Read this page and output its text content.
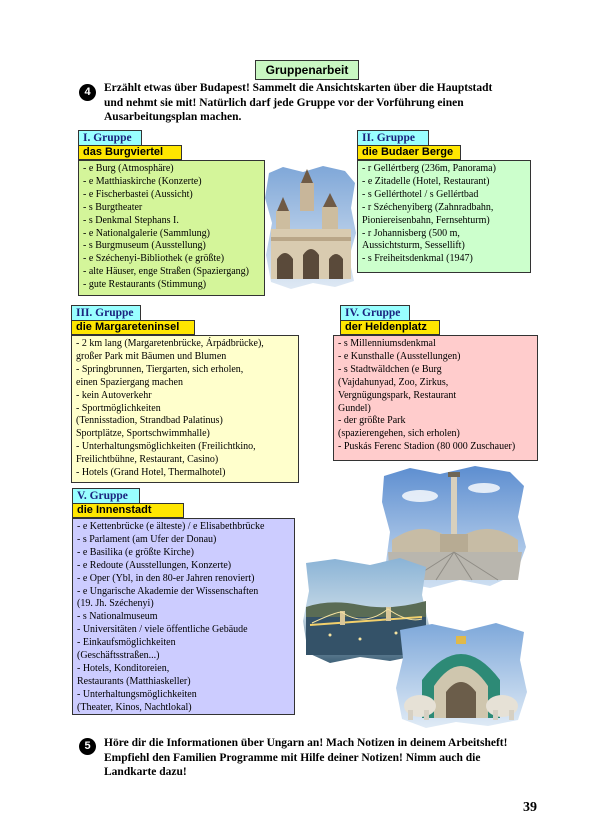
Gruppenarbeit
4	Erzählt etwas über Budapest! Sammelt die Ansichtskarten über die Hauptstadt
und nehmt sie mit! Natürlich darf jede Gruppe vor der Vorführung einen
Ausarbeitungsplan machen.
I. Gruppe
das Burgviertel
- e Burg (Atmosphäre)
- e Matthiaskirche (Konzerte)
- e Fischerbastei (Aussicht)
- s Burgtheater
- s Denkmal Stephans I.
- e Nationalgalerie (Sammlung)
- s Burgmuseum (Ausstellung)
- e Széchenyi-Bibliothek (e größte)
- alte Häuser, enge Straßen (Spaziergang)
- gute Restaurants (Stimmung)
II. Gruppe
die Budaer Berge
- r Gellértberg (236m, Panorama)
- e Zitadelle (Hotel, Restaurant)
- s Gellérthotel / s Gellértbad
- r Széchenyiberg (Zahnradbahn,
Pioniereisenbahn, Fernsehturm)
- r Johannisberg (500 m,
Aussichtsturm, Sessellift)
- s Freiheitsdenkmal (1947)
III. Gruppe
die Margareteninsel
- 2 km lang (Margaretenbrücke, Árpádbrücke),
großer Park mit Bäumen und Blumen
- Springbrunnen, Tiergarten, sich erholen,
einen Spaziergang machen
- kein Autoverkehr
- Sportmöglichkeiten
(Tennisstadion, Strandbad Palatinus)
Sportplätze, Sportschwimmhalle)
- Unterhaltungsmöglichkeiten (Freilichtkino,
Freilichtbühne, Restaurant, Casino)
- Hotels (Grand Hotel, Thermalhotel)
IV. Gruppe
der Heldenplatz
- s Millenniumsdenkmal
- e Kunsthalle (Ausstellungen)
- s Stadtwäldchen (e Burg
(Vajdahunyad, Zoo, Zirkus,
Vergnügungspark, Restaurant
Gundel)
- der größte Park
(spazierengehen, sich erholen)
- Puskás Ferenc Stadion (80 000 Zuschauer)
V. Gruppe
die Innenstadt
- e Kettenbrücke (e älteste) / e Elisabethbrücke
- s Parlament (am Ufer der Donau)
- e Basilika (e größte Kirche)
- e Redoute (Ausstellungen, Konzerte)
- e Oper (Ybl, in den 80-er Jahren renoviert)
- e Ungarische Akademie der Wissenschaften
(19. Jh. Széchenyi)
- s Nationalmuseum
- Universitäten / viele öffentliche Gebäude
- Einkaufsmöglichkeiten
(Geschäftsstraßen...)
- Hotels, Konditoreien,
Restaurants (Matthiaskeller)
- Unterhaltungsmöglichkeiten
(Theater, Kinos, Nachtlokal)
5	Höre dir die Informationen über Ungarn an! Mach Notizen in deinem Arbeitsheft!
Empfiehl den Familien Programme mit Hilfe deiner Notizen! Nimm auch die
Landkarte dazu!
39
